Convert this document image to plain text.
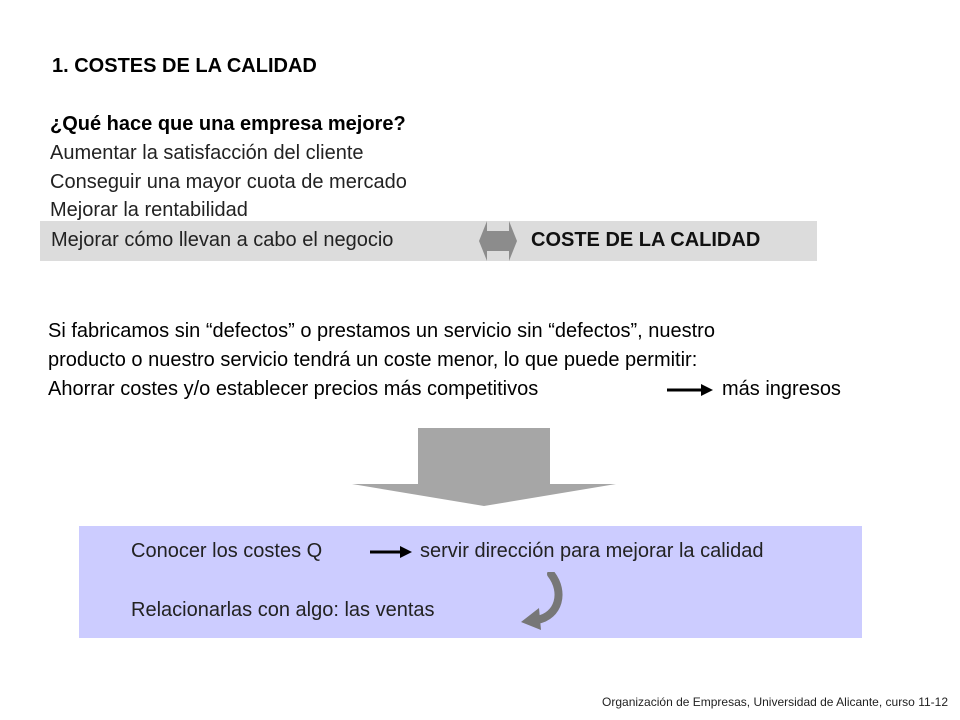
1. COSTES DE LA CALIDAD
¿Qué hace que una empresa mejore?
Aumentar la satisfacción del cliente
Conseguir una mayor cuota de mercado
Mejorar la rentabilidad
Mejorar cómo llevan a cabo el negocio	COSTE DE LA CALIDAD
Si fabricamos sin “defectos” o prestamos un servicio sin “defectos”, nuestro
producto o nuestro servicio tendrá un coste menor, lo que puede permitir:
Ahorrar costes y/o establecer precios más competitivos	más ingresos
Conocer los costes Q	servir dirección para mejorar la calidad
Relacionarlas con algo: las ventas
Organización de Empresas, Universidad de Alicante, curso 11-12
